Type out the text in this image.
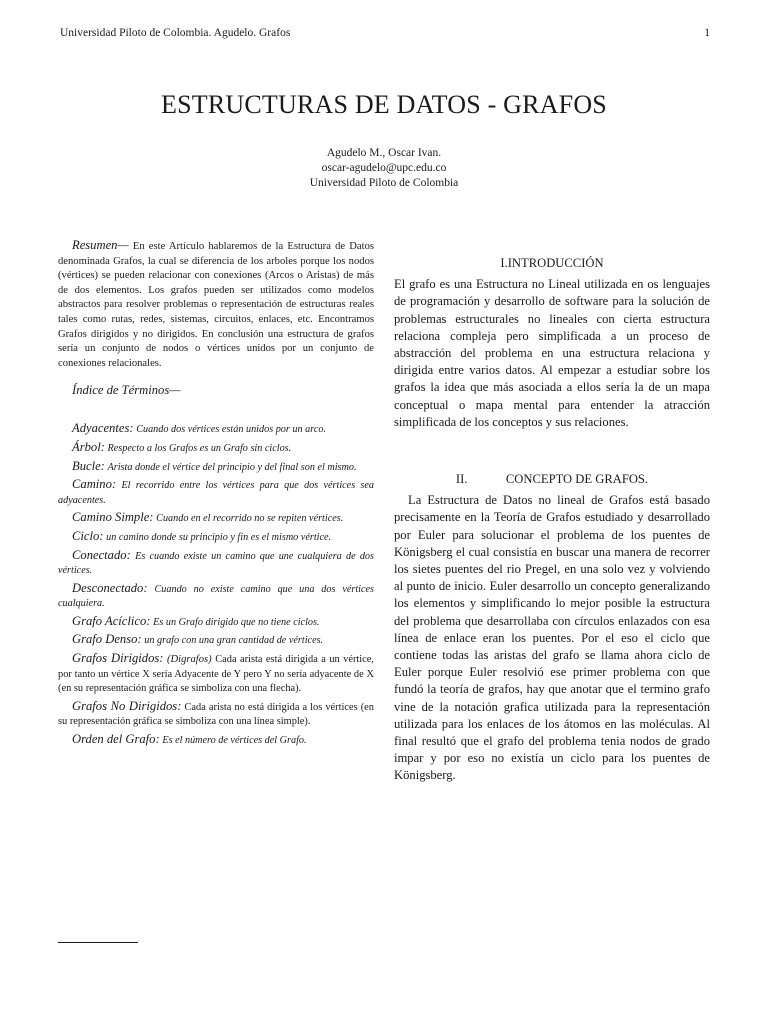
Universidad Piloto de Colombia. Agudelo. Grafos	1
ESTRUCTURAS DE DATOS - GRAFOS
Agudelo M., Oscar Ivan.
oscar-agudelo@upc.edu.co
Universidad Piloto de Colombia

Resumen— En este Artículo hablaremos de la Estructura de Datos denominada Grafos, la cual se diferencia de los arboles porque los nodos (vértices) se pueden relacionar con conexiones (Arcos o Aristas) de más de dos elementos. Los grafos pueden ser utilizados como modelos abstractos para resolver problemas o representación de estructuras reales tales como rutas, redes, sistemas, circuitos, enlaces, etc. Encontramos Grafos dirigidos y no dirigidos. En conclusión una estructura de grafos sería un conjunto de nodos o vértices unidos por un conjunto de conexiones relacionales.

Índice de Términos—

Adyacentes: Cuando dos vértices están unidos por un arco.

Árbol: Respecto a los Grafos es un Grafo sin ciclos.

Bucle: Arista donde el vértice del principio y del final son el mismo.

Camino: El recorrido entre los vértices para que dos vértices sea adyacentes.

Camino Simple: Cuando en el recorrido no se repiten vértices.

Ciclo: un camino donde su principio y fin es el mismo vértice.

Conectado: Es cuando existe un camino que une cualquiera de dos vértices.

Desconectado: Cuando no existe camino que una dos vértices cualquiera.

Grafo Acíclico: Es un Grafo dirigido que no tiene ciclos.

Grafo Denso: un grafo con una gran cantidad de vértices.

Grafos Dirigidos: (Digrafos) Cada arista está dirigida a un vértice, por tanto un vértice X sería Adyacente de Y pero Y no sería adyacente de X (en su representación gráfica se simboliza con una flecha).

Grafos No Dirigidos: Cada arista no está dirigida a los vértices (en su representación gráfica se simboliza con una línea simple).

Orden del Grafo: Es el número de vértices del Grafo.

I.INTRODUCCIÓN

El grafo es una Estructura no Lineal utilizada en os lenguajes de programación y desarrollo de software para la solución de problemas estructurales no lineales con cierta estructura relaciona compleja pero simplificada a un proceso de abstracción del problema en una estructura relaciona y dirigida entre varios datos. Al empezar a estudiar sobre los grafos la idea que más asociada a ellos sería la de un mapa conceptual o mapa mental para entender la atracción simplificada de los conceptos y sus relaciones.

II.	CONCEPTO DE GRAFOS.

La Estructura de Datos no lineal de Grafos está basado precisamente en la Teoría de Grafos estudiado y desarrollado por Euler para solucionar el problema de los puentes de Königsberg el cual consistía en buscar una manera de recorrer los sietes puentes del rio Pregel, en una solo vez y volviendo al punto de inicio. Euler desarrollo un concepto generalizando los elementos y simplificando lo mejor posible la estructura del problema que desarrollaba con círculos enlazados con esa línea de enlace eran los puentes. Por el eso el ciclo que contiene todas las aristas del grafo se llama ahora ciclo de Euler porque Euler resolvió ese primer problema con que fundó la teoría de grafos, hay que anotar que el termino grafo vine de la notación grafica utilizada para la representación utilizada para los enlaces de los átomos en las moléculas. Al final resultó que el grafo del problema tenia nodos de grado impar y por eso no existía un ciclo para los puentes de Königsberg.
